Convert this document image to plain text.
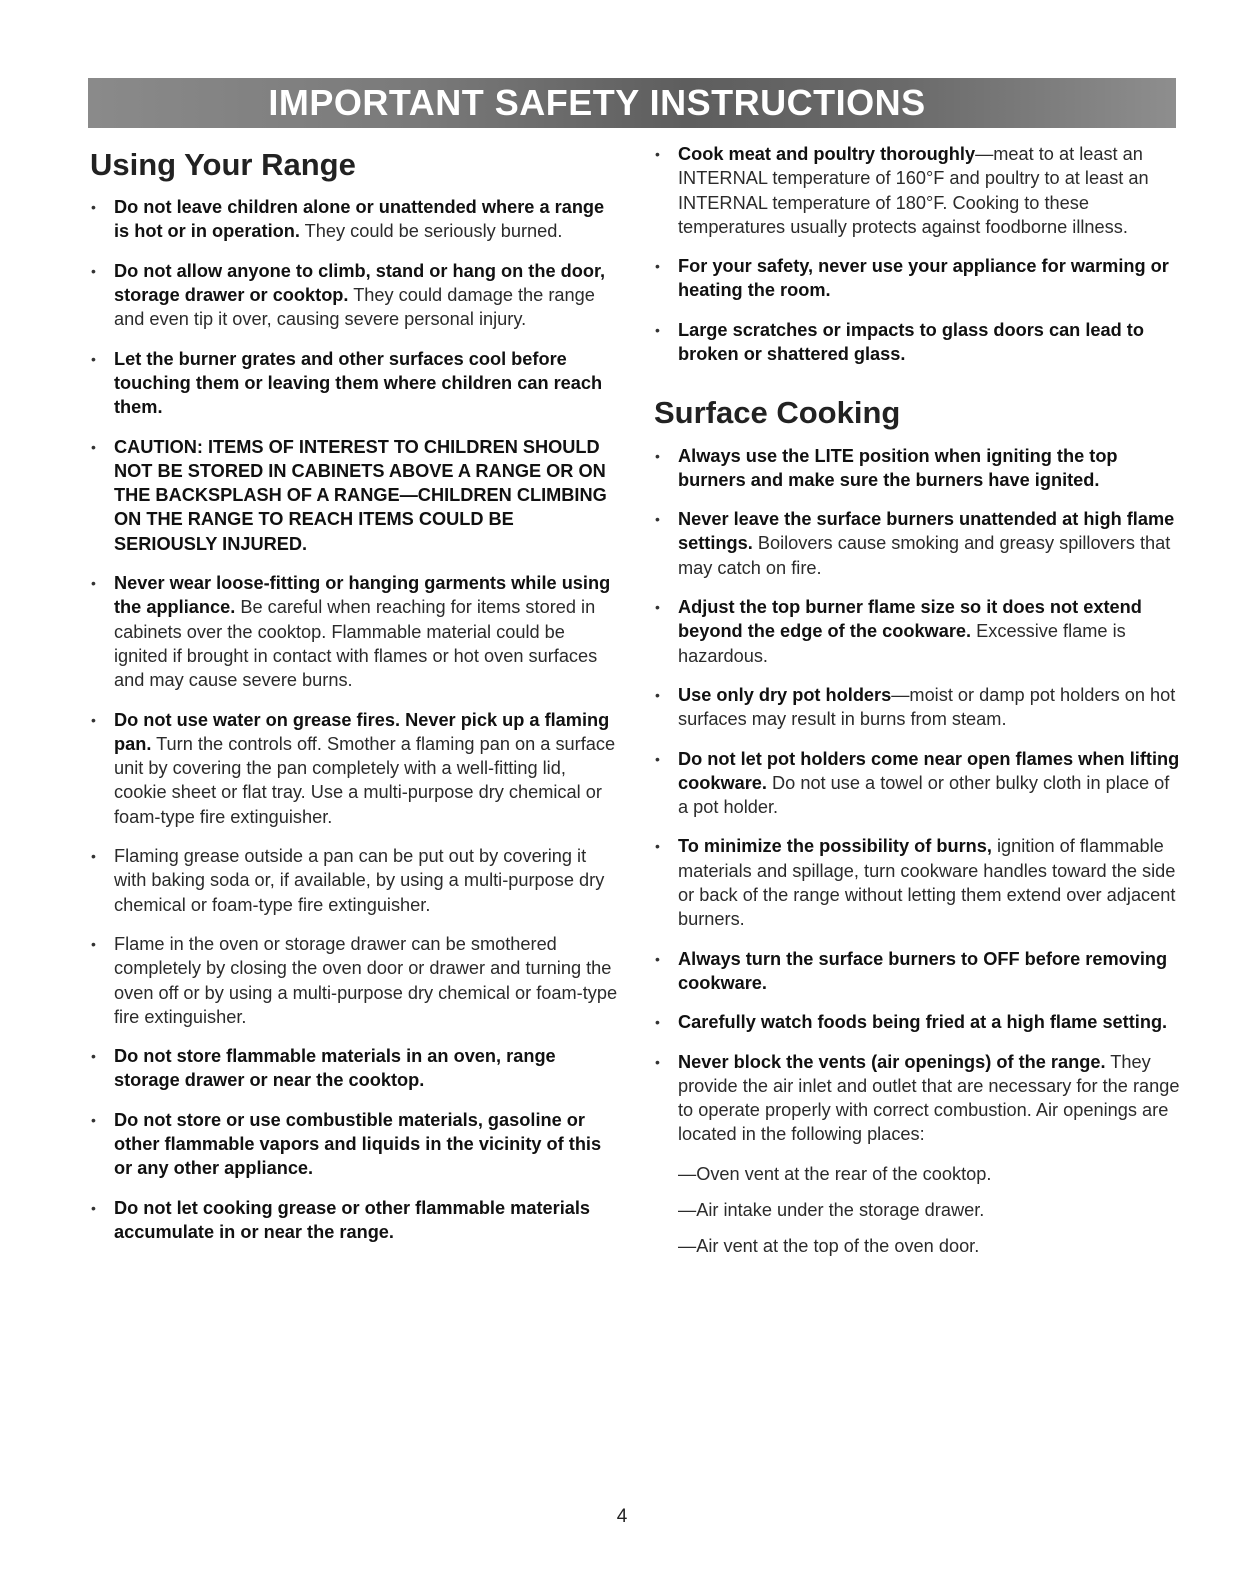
IMPORTANT SAFETY INSTRUCTIONS
Using Your Range
• Do not leave children alone or unattended where a range is hot or in operation. They could be seriously burned.
• Do not allow anyone to climb, stand or hang on the door, storage drawer or cooktop. They could damage the range and even tip it over, causing severe personal injury.
• Let the burner grates and other surfaces cool before touching them or leaving them where children can reach them.
• CAUTION: ITEMS OF INTEREST TO CHILDREN SHOULD NOT BE STORED IN CABINETS ABOVE A RANGE OR ON THE BACKSPLASH OF A RANGE—CHILDREN CLIMBING ON THE RANGE TO REACH ITEMS COULD BE SERIOUSLY INJURED.
• Never wear loose-fitting or hanging garments while using the appliance. Be careful when reaching for items stored in cabinets over the cooktop. Flammable material could be ignited if brought in contact with flames or hot oven surfaces and may cause severe burns.
• Do not use water on grease fires. Never pick up a flaming pan. Turn the controls off. Smother a flaming pan on a surface unit by covering the pan completely with a well-fitting lid, cookie sheet or flat tray. Use a multi-purpose dry chemical or foam-type fire extinguisher.
• Flaming grease outside a pan can be put out by covering it with baking soda or, if available, by using a multi-purpose dry chemical or foam-type fire extinguisher.
• Flame in the oven or storage drawer can be smothered completely by closing the oven door or drawer and turning the oven off or by using a multi-purpose dry chemical or foam-type fire extinguisher.
• Do not store flammable materials in an oven, range storage drawer or near the cooktop.
• Do not store or use combustible materials, gasoline or other flammable vapors and liquids in the vicinity of this or any other appliance.
• Do not let cooking grease or other flammable materials accumulate in or near the range.
• Cook meat and poultry thoroughly—meat to at least an INTERNAL temperature of 160°F and poultry to at least an INTERNAL temperature of 180°F. Cooking to these temperatures usually protects against foodborne illness.
• For your safety, never use your appliance for warming or heating the room.
• Large scratches or impacts to glass doors can lead to broken or shattered glass.
Surface Cooking
• Always use the LITE position when igniting the top burners and make sure the burners have ignited.
• Never leave the surface burners unattended at high flame settings. Boilovers cause smoking and greasy spillovers that may catch on fire.
• Adjust the top burner flame size so it does not extend beyond the edge of the cookware. Excessive flame is hazardous.
• Use only dry pot holders—moist or damp pot holders on hot surfaces may result in burns from steam.
• Do not let pot holders come near open flames when lifting cookware. Do not use a towel or other bulky cloth in place of a pot holder.
• To minimize the possibility of burns, ignition of flammable materials and spillage, turn cookware handles toward the side or back of the range without letting them extend over adjacent burners.
• Always turn the surface burners to OFF before removing cookware.
• Carefully watch foods being fried at a high flame setting.
• Never block the vents (air openings) of the range. They provide the air inlet and outlet that are necessary for the range to operate properly with correct combustion. Air openings are located in the following places:
—Oven vent at the rear of the cooktop.
—Air intake under the storage drawer.
—Air vent at the top of the oven door.
4
